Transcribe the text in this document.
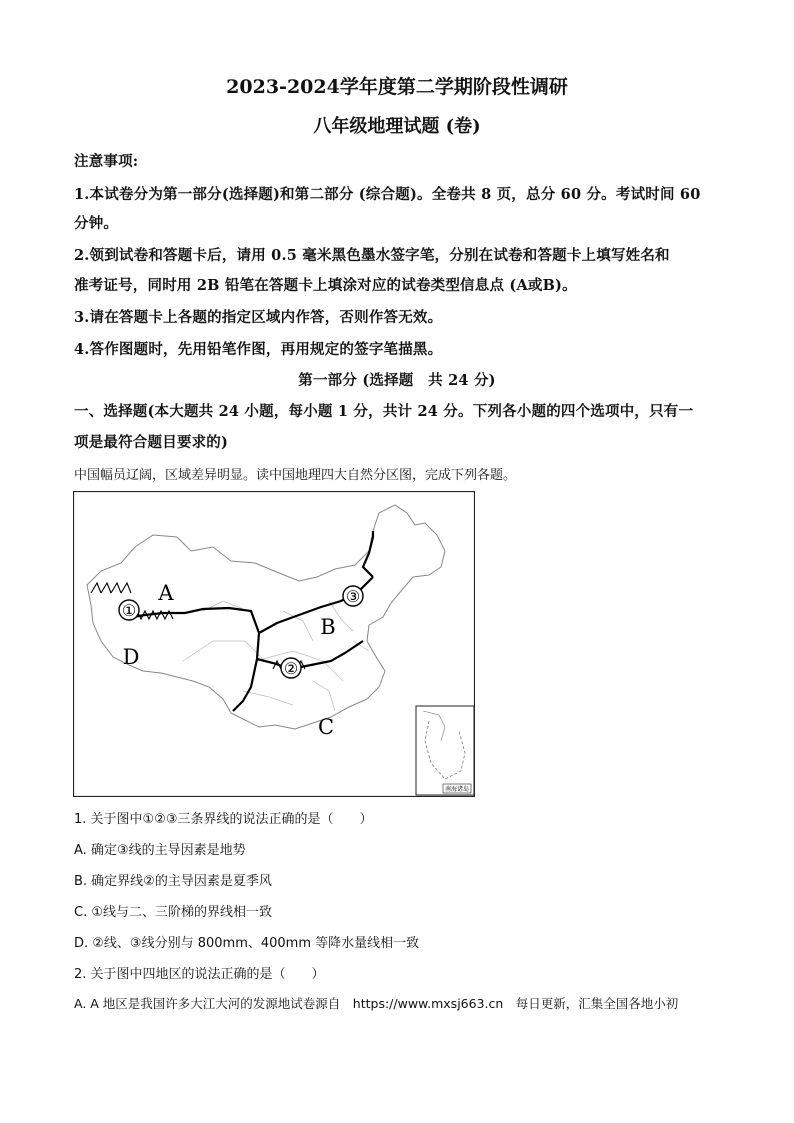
2023-2024学年度第二学期阶段性调研
八年级地理试题 (卷)
注意事项:
1.本试卷分为第一部分(选择题)和第二部分 (综合题)。全卷共 8 页，总分 60 分。考试时间 60
分钟。
2.领到试卷和答题卡后，请用 0.5 毫米黑色墨水签字笔，分别在试卷和答题卡上填写姓名和
准考证号，同时用 2B 铅笔在答题卡上填涂对应的试卷类型信息点 (A或B)。
3.请在答题卡上各题的指定区域内作答，否则作答无效。
4.答作图题时，先用铅笔作图，再用规定的签字笔描黑。
第一部分 (选择题　共 24 分)
一、选择题(本大题共 24 小题，每小题 1 分，共计 24 分。下列各小题的四个选项中，只有一
项是最符合题目要求的)
中国幅员辽阔，区域差异明显。读中国地理四大自然分区图，完成下列各题。
①
②
③
A
B
C
D
南海诸岛
1. 关于图中①②③三条界线的说法正确的是（　　）
A. 确定③线的主导因素是地势
B. 确定界线②的主导因素是夏季风
C. ①线与二、三阶梯的界线相一致
D. ②线、③线分别与 800mm、400mm 等降水量线相一致
2. 关于图中四地区的说法正确的是（　　）
A. A 地区是我国许多大江大河的发源地试卷源自　https://www.mxsj663.cn　每日更新，汇集全国各地小初
